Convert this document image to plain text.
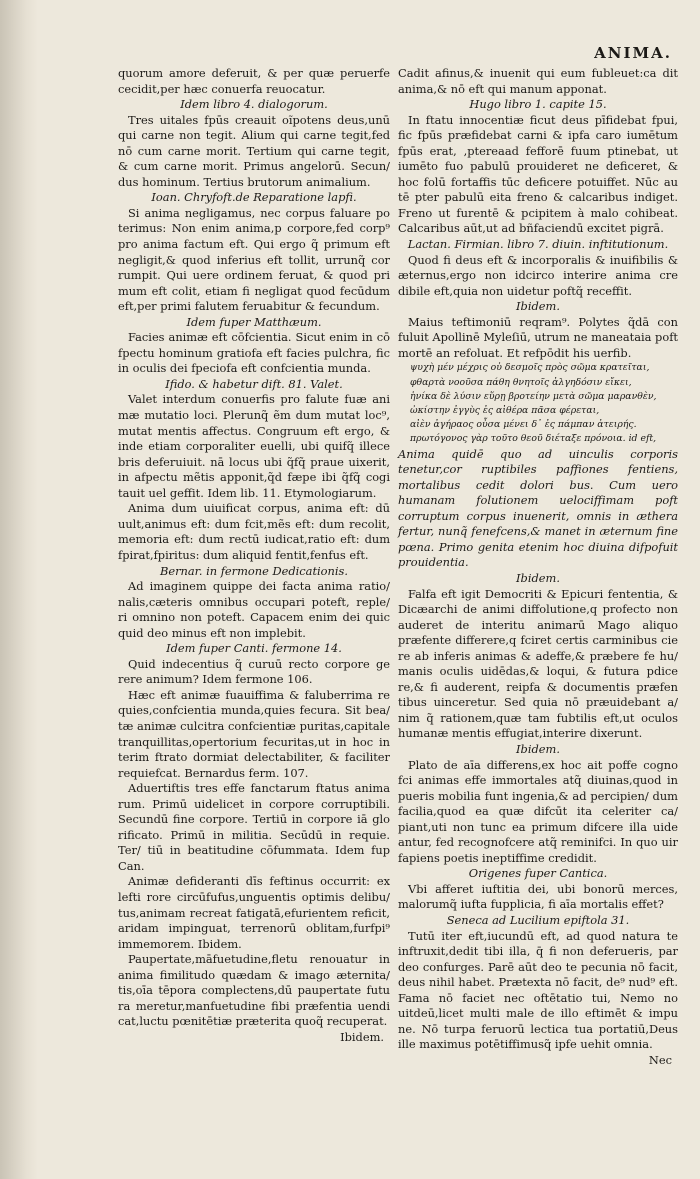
ANIMA.

quorum amore deferuit, & per quæ peruerfe cecidit,per hæc conuerfa reuocatur.

Idem libro 4. dialogorum.

Tres uitales fpūs creauit oĩpotens deus,unū qui carne non tegit. Alium qui carne tegit,fed nō cum carne morit. Tertium qui carne tegit, & cum carne morit. Primus angelorū. Secun/ dus hominum. Tertius brutorum animalium.

Ioan. Chryfoft.de Reparatione lapfi.

Si anima negligamus, nec corpus faluare po terimus: Non enim anima,p corpore,fed corp⁹ pro anima factum eft. Qui ergo q̃ primum eft negligit,& quod inferius eft tollit, urrunq̃ cor rumpit. Qui uere ordinem feruat, & quod pri mum eft colit, etiam fi negligat quod fecūdum eft,per primi falutem feruabitur & fecundum.

Idem fuper Matthæum.

Facies animæ eft cōfcientia. Sicut enim in cō fpectu hominum gratiofa eft facies pulchra, fic in oculis dei fpeciofa eft confcientia munda.

Ifido. & habetur dift. 81. Valet.

Valet interdum conuerfis pro falute fuæ ani mæ mutatio loci. Plerunq̃ ẽm dum mutat loc⁹, mutat mentis affectus. Congruum eft ergo, & inde etiam corporaliter euelli, ubi quifq̃ illece bris deferuiuit. nā locus ubi q̃fq̃ praue uixerit, in afpectu mẽtis apponit,q̃d fæpe ibi q̃fq̃ cogi tauit uel geffit. Idem lib. 11. Etymologiarum.

Anima dum uiuificat corpus, anima eft: dū uult,animus eft: dum fcit,mẽs eft: dum recolit, memoria eft: dum rectū iudicat,ratio eft: dum fpirat,fpiritus: dum aliquid fentit,fenfus eft.

Bernar. in fermone Dedicationis.

Ad imaginem quippe dei facta anima ratio/ nalis,cæteris omnibus occupari poteft, reple/ ri omnino non poteft. Capacem enim dei quic quid deo minus eft non implebit.

Idem fuper Canti. fermone 14.

Quid indecentius q̃ curuū recto corpore ge rere animum? Idem fermone 106.

Hæc eft animæ fuauiffima & faluberrima re quies,confcientia munda,quies fecura. Sit bea/ tæ animæ culcitra confcientiæ puritas,capitale tranquillitas,opertorium fecuritas,ut in hoc in terim ftrato dormiat delectabiliter, & faciliter requiefcat. Bernardus ferm. 107.

Aduertiftis tres effe fanctarum ftatus anima rum. Primū uidelicet in corpore corruptibili. Secundū fine corpore. Tertiū in corpore iā glo rificato. Primū in militia. Secūdū in requie. Ter/ tiū in beatitudine cōfummata. Idem fup Can.

Animæ defideranti dīs feftinus occurrit: ex lefti rore circūfufus,unguentis optimis delibu/ tus,animam recreat fatigatā,efurientem reficit, aridam impinguat, terrenorū oblitam,furfpi⁹ immemorem. Ibidem.

Paupertate,māfuetudine,fletu renouatur in anima fimilitudo quædam & imago æternita/ tis,oīa tēpora complectens,dū paupertate futu ra meretur,manfuetudine fibi præfentia uendi cat,luctu pœnitētiæ præterita quoq̃ recuperat.

Ibidem.

Cadit afinus,& inuenit qui eum fubleuet:ca dit anima,& nō eft qui manum apponat.

Hugo libro 1. capite 15.

In ftatu innocentiæ ficut deus pīfidebat fpui, fic fpūs præfidebat carni & ipfa caro iumētum fpūs erat, ,ptereaad fefforē fuum ptinebat, ut iumēto fuo pabulū prouideret ne deficeret, & hoc folū fortaffis tūc deficere potuiffet. Nūc au tē pter pabulū eita freno & calcaribus indiget. Freno ut furentē & pcipitem à malo cohibeat. Calcaribus aūt,ut ad bñfaciendū excitet pigrā.

Lactan. Firmian. libro 7. diuin. inftitutionum.

Quod fi deus eft & incorporalis & inuifibilis & æternus,ergo non idcirco interire anima cre dibile eft,quia non uidetur poftq̃ receffit.

Ibidem.

Maius teftimoniū reqram⁹. Polytes q̃dā con fuluit Apollinē Myleſiū, utrum ne maneataia poft mortē an refoluat. Et refpōdit his uerfib.

ψυχὴ μέν μέχρις οὐ δεσμοῖς πρὸς σῶμα κρατεῖται,

φθαρτὰ νοοῦσα πάθη θνητοῖς ἀλγηδόσιν εἴκει,

ἡνίκα δὲ λύσιν εὕρῃ βροτείην μετὰ σῶμα μαρανθὲν,

ὠκίστην ἐγγὺς ἐς αἰθέρα πᾶσα φέρεται,

αἰὲν ἀγήραος οὖσα μένει δ᾽ ἐς πάμπαν ἀτειρής.

πρωτόγονος γὰρ τοῦτο θεοῦ διέταξε πρόνοια. id eft,

Anima quidē quo ad uinculis corporis tenetur,cor ruptibiles paffiones fentiens, mortalibus cedit dolori bus. Cum uero humanam folutionem uelociffimam poft corruptum corpus inuenerit, omnis in æthera fertur, nunq̃ fenefcens,& manet in æternum fine pœna. Primo genita etenim hoc diuina difpofuit prouidentia.

Ibidem.

Falfa eft igit Democriti & Epicuri fententia, & Dicæarchi de animi diffolutione,q profecto non auderet de interitu animarū Mago aliquo præfente differere,q fciret certis carminibus cie re ab inferis animas & adeffe,& præbere fe hu/ manis oculis uidēdas,& loqui, & futura pdice re,& fi auderent, reipfa & documentis præfen tibus uinceretur. Sed quia nō præuidebant a/ nim q̃ rationem,quæ tam fubtilis eft,ut oculos humanæ mentis effugiat,interire dixerunt.

Ibidem.

Plato de aīa differens,ex hoc ait poffe cogno fci animas effe immortales atq̃ diuinas,quod in pueris mobilia funt ingenia,& ad percipien/ dum facilia,quod ea quæ difcūt ita celeriter ca/ piant,uti non tunc ea primum difcere illa uide antur, fed recognofcere atq̃ reminifci. In quo uir fapiens poetis ineptiffime credidit.

Origenes fuper Cantica.

Vbi afferet iuftitia dei, ubi bonorū merces, malorumq̃ iufta fupplicia, fi aīa mortalis effet?

Seneca ad Lucilium epiftola 31.

Tutū iter eft,iucundū eft, ad quod natura te inftruxit,dedit tibi illa, q̄ fi non deferueris, par deo confurges. Parē aūt deo te pecunia nō facit, deus nihil habet. Prætexta nō facit, de⁹ nud⁹ eft. Fama nō faciet nec oftētatio tui, Nemo no uitdeū,licet multi male de illo eftimēt & impu ne. Nō turpa feruorū lectica tua portatiū,Deus ille maximus potētiffimusq̃ ipfe uehit omnia.

Nec
